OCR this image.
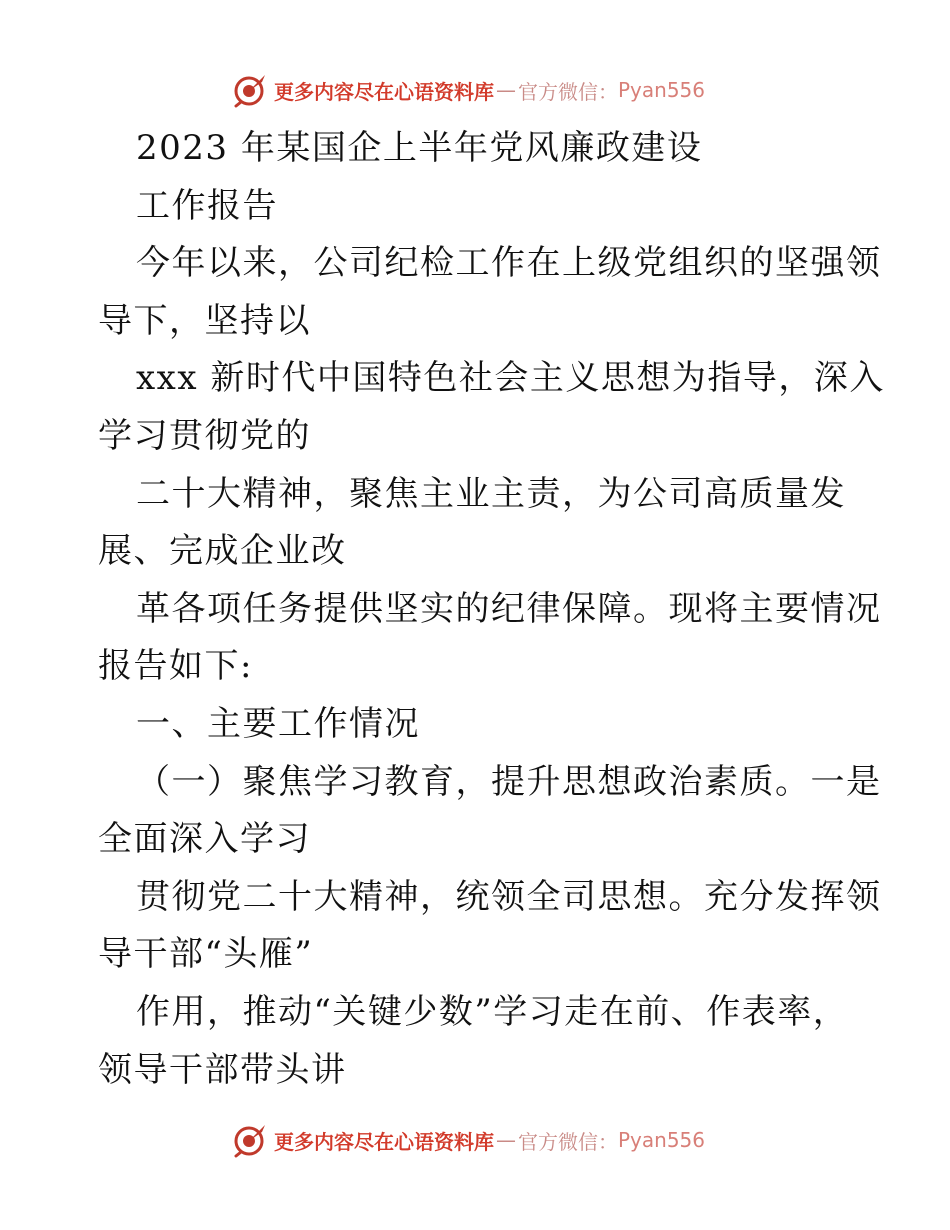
更多内容尽在心语资料库 — 官方微信： Pyan556
2023 年某国企上半年党风廉政建设
工作报告
今年以来，公司纪检工作在上级党组织的坚强领
导下，坚持以
xxx 新时代中国特色社会主义思想为指导，深入
学习贯彻党的
二十大精神，聚焦主业主责，为公司高质量发
展、完成企业改
革各项任务提供坚实的纪律保障。现将主要情况
报告如下:
一、主要工作情况
（一）聚焦学习教育，提升思想政治素质。一是
全面深入学习
贯彻党二十大精神，统领全司思想。充分发挥领
导干部“头雁”
作用，推动“关键少数”学习走在前、作表率，
领导干部带头讲
更多内容尽在心语资料库 — 官方微信： Pyan556
